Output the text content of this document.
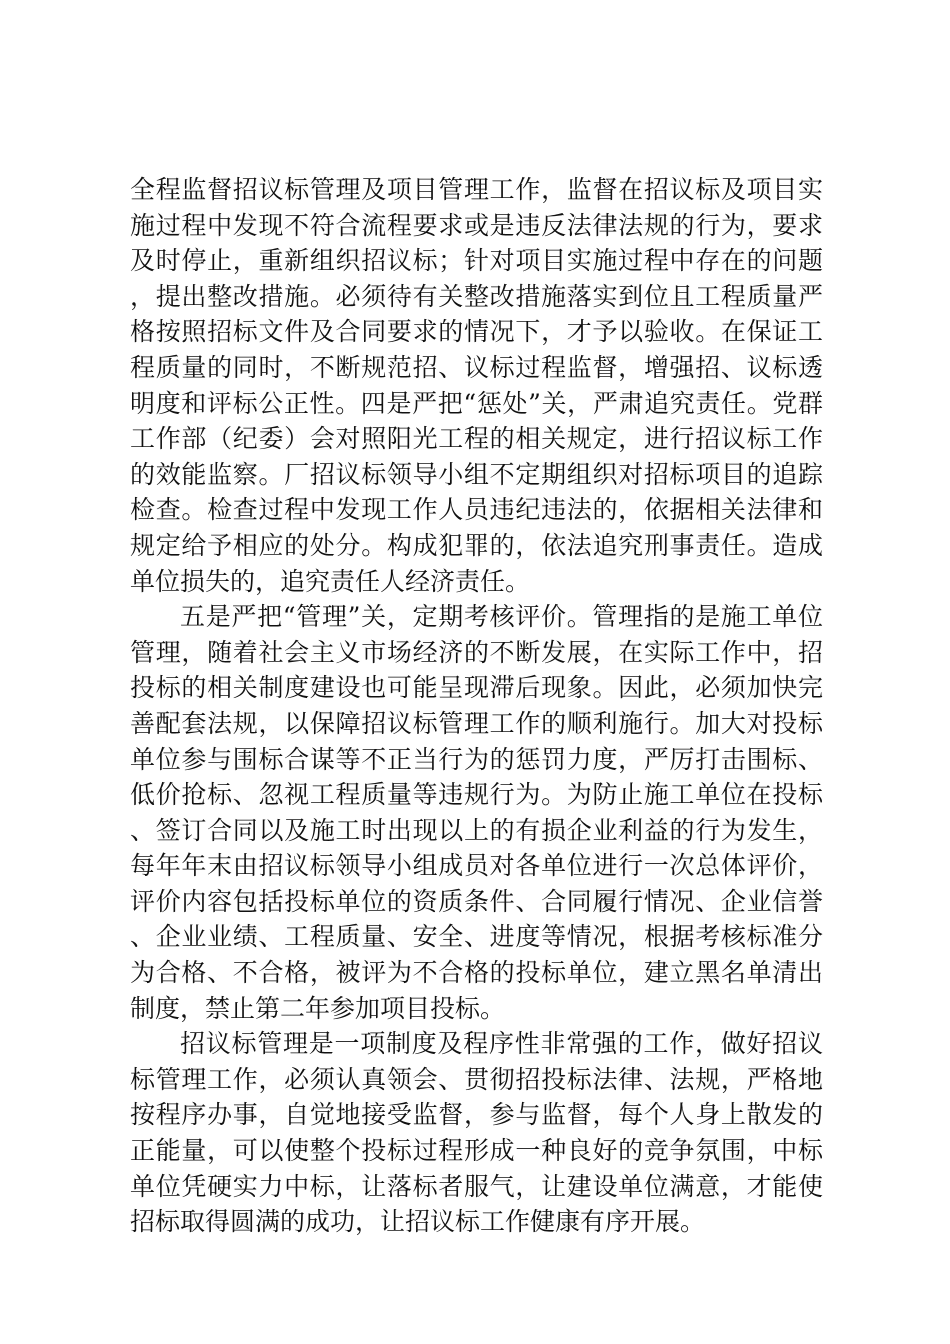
全程监督招议标管理及项目管理工作，监督在招议标及项目实施过程中发现不符合流程要求或是违反法律法规的行为，要求及时停止，重新组织招议标；针对项目实施过程中存在的问题，提出整改措施。必须待有关整改措施落实到位且工程质量严格按照招标文件及合同要求的情况下，才予以验收。在保证工程质量的同时，不断规范招、议标过程监督，增强招、议标透明度和评标公正性。四是严把“惩处”关，严肃追究责任。党群工作部（纪委）会对照阳光工程的相关规定，进行招议标工作的效能监察。厂招议标领导小组不定期组织对招标项目的追踪检查。检查过程中发现工作人员违纪违法的，依据相关法律和规定给予相应的处分。构成犯罪的，依法追究刑事责任。造成单位损失的，追究责任人经济责任。

五是严把“管理”关，定期考核评价。管理指的是施工单位管理，随着社会主义市场经济的不断发展，在实际工作中，招投标的相关制度建设也可能呈现滞后现象。因此，必须加快完善配套法规，以保障招议标管理工作的顺利施行。加大对投标单位参与围标合谋等不正当行为的惩罚力度，严厉打击围标、低价抢标、忽视工程质量等违规行为。为防止施工单位在投标、签订合同以及施工时出现以上的有损企业利益的行为发生，每年年末由招议标领导小组成员对各单位进行一次总体评价，评价内容包括投标单位的资质条件、合同履行情况、企业信誉、企业业绩、工程质量、安全、进度等情况，根据考核标准分为合格、不合格，被评为不合格的投标单位，建立黑名单清出制度，禁止第二年参加项目投标。

招议标管理是一项制度及程序性非常强的工作，做好招议标管理工作，必须认真领会、贯彻招投标法律、法规，严格地按程序办事，自觉地接受监督，参与监督，每个人身上散发的正能量，可以使整个投标过程形成一种良好的竞争氛围，中标单位凭硬实力中标，让落标者服气，让建设单位满意，才能使招标取得圆满的成功，让招议标工作健康有序开展。
